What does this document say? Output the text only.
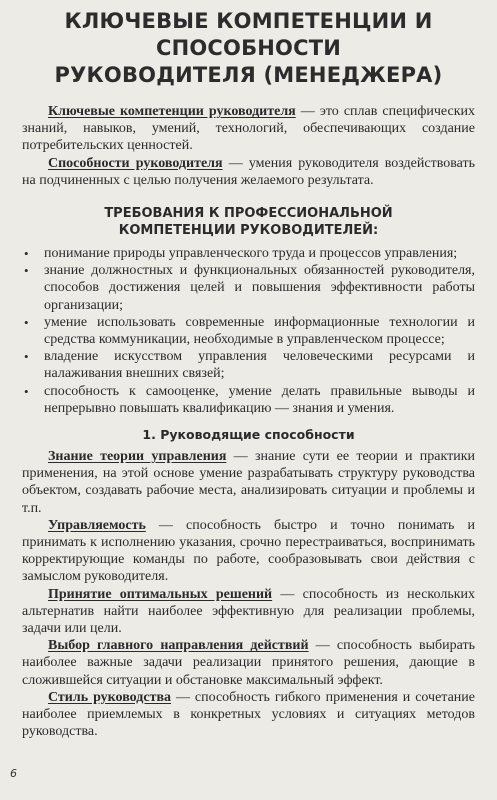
КЛЮЧЕВЫЕ КОМПЕТЕНЦИИ И СПОСОБНОСТИ
РУКОВОДИТЕЛЯ (МЕНЕДЖЕРА)

Ключевые компетенции руководителя — это сплав специфических знаний, навыков, умений, технологий, обеспечивающих создание потребительских ценностей.

Способности руководителя — умения руководителя воздействовать на подчиненных с целью получения желаемого результата.

ТРЕБОВАНИЯ К ПРОФЕССИОНАЛЬНОЙ
КОМПЕТЕНЦИИ РУКОВОДИТЕЛЕЙ:
• понимание природы управленческого труда и процессов управления;
• знание должностных и функциональных обязанностей руководителя, способов достижения целей и повышения эффективности работы организации;
• умение использовать современные информационные технологии и средства коммуникации, необходимые в управленческом процессе;
• владение искусством управления человеческими ресурсами и налаживания внешних связей;
• способность к самооценке, умение делать правильные выводы и непрерывно повышать квалификацию — знания и умения.
1. Руководящие способности

Знание теории управления — знание сути ее теории и практики применения, на этой основе умение разрабатывать структуру руководства объектом, создавать рабочие места, анализировать ситуации и проблемы и т.п.

Управляемость — способность быстро и точно понимать и принимать к исполнению указания, срочно перестраиваться, воспринимать корректирующие команды по работе, сообразовывать свои действия с замыслом руководителя.

Принятие оптимальных решений — способность из нескольких альтернатив найти наиболее эффективную для реализации проблемы, задачи или цели.

Выбор главного направления действий — способность выбирать наиболее важные задачи реализации принятого решения, дающие в сложившейся ситуации и обстановке максимальный эффект.

Стиль руководства — способность гибкого применения и сочетание наиболее приемлемых в конкретных условиях и ситуациях методов руководства.

6
